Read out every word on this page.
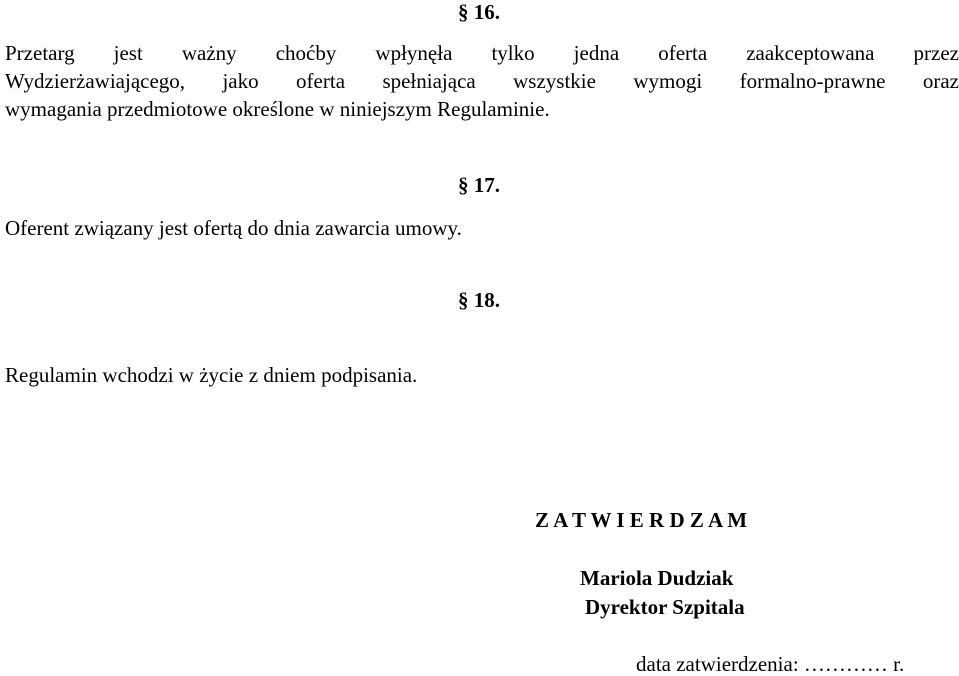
§ 16.
Przetarg jest ważny choćby wpłynęła tylko jedna oferta zaakceptowana przez
Wydzierżawiającego, jako oferta spełniająca wszystkie wymogi formalno-prawne oraz
wymagania przedmiotowe określone w niniejszym Regulaminie.
§ 17.
Oferent związany jest ofertą do dnia zawarcia umowy.
§ 18.
Regulamin wchodzi w życie z dniem podpisania.
Z A T W I E R D Z A M
Mariola Dudziak
Dyrektor Szpitala
data zatwierdzenia: ………… r.
